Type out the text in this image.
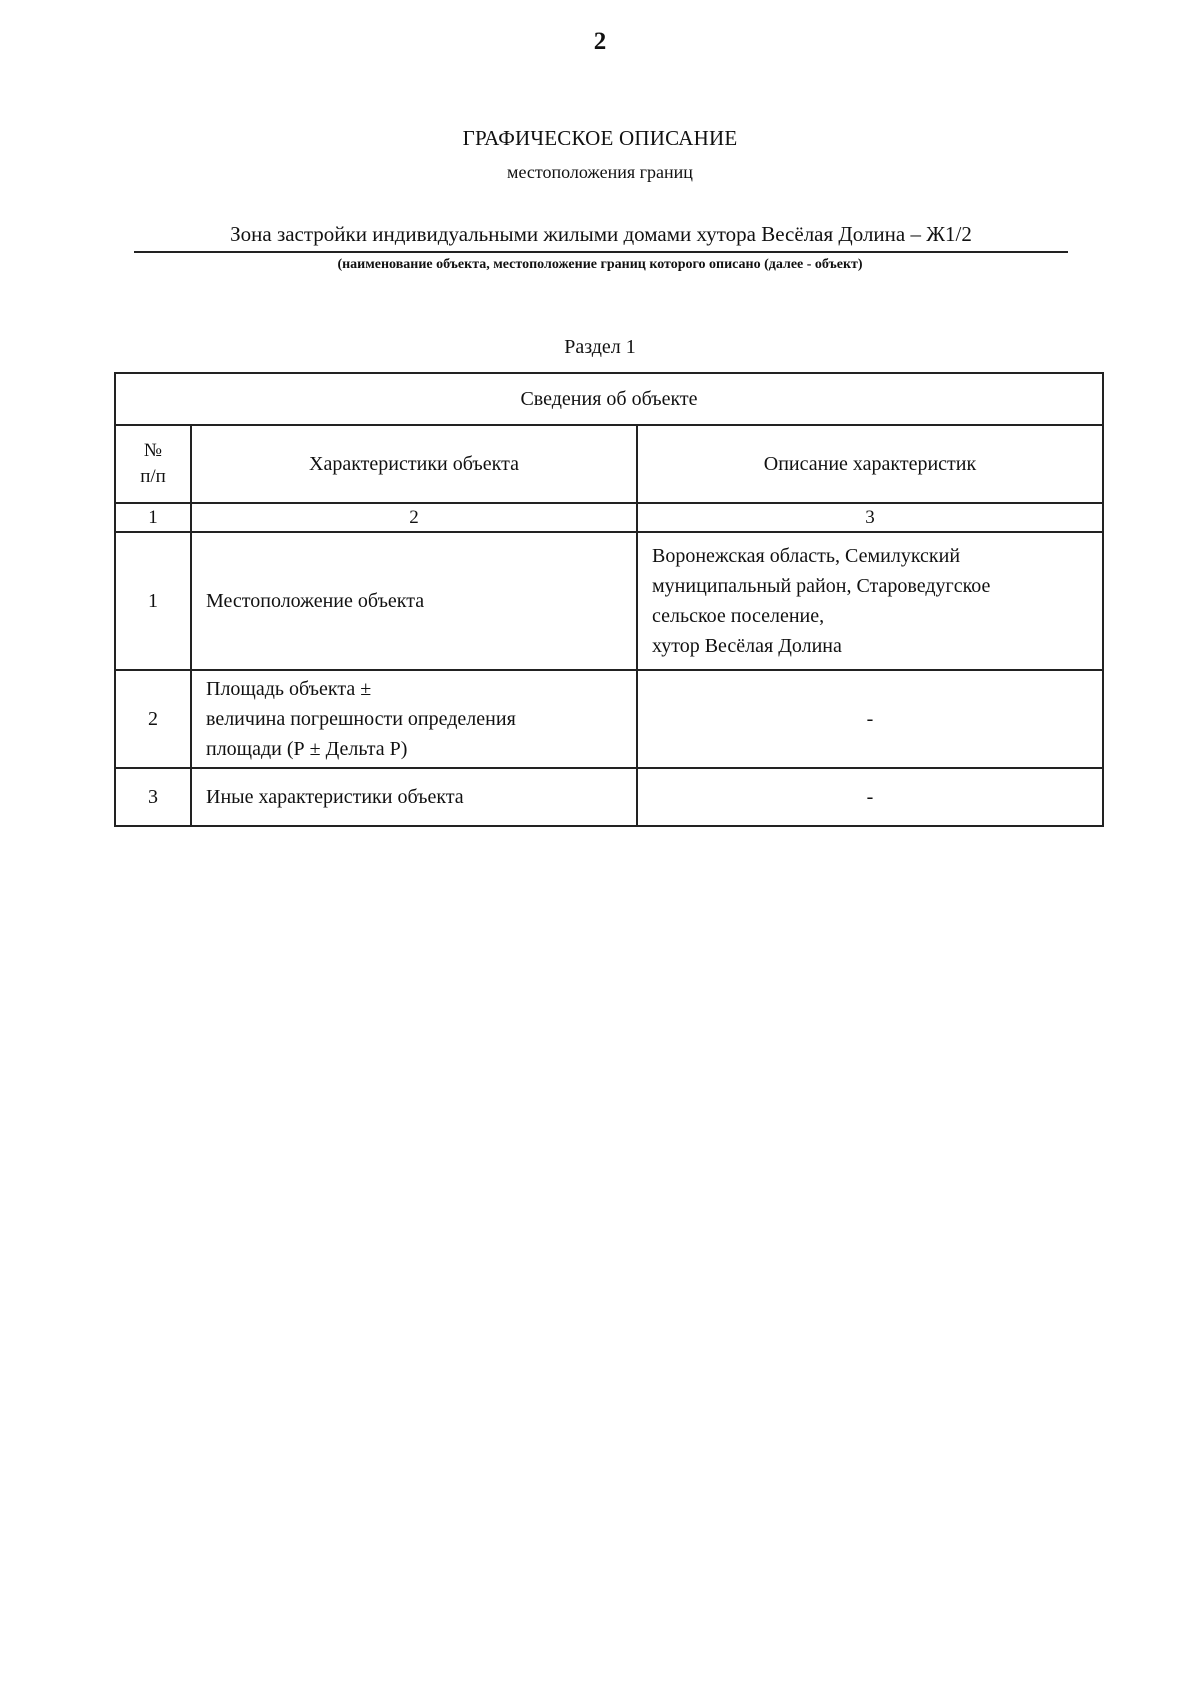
2
ГРАФИЧЕСКОЕ ОПИСАНИЕ
местоположения границ
Зона застройки индивидуальными жилыми домами хутора Весёлая Долина – Ж1/2
(наименование объекта, местоположение границ которого описано (далее - объект)
Раздел 1
Сведения об объекте		

№
п/п	Характеристики объекта	Описание характеристик
1	2	3
1	Местоположение объекта	Воронежская область, Семилукский
муниципальный район, Староведугское
сельское поселение,
хутор Весёлая Долина

2	Площадь объекта ±
величина погрешности определения
площади (Р ± Дельта Р)	-

3	Иные характеристики объекта	-
